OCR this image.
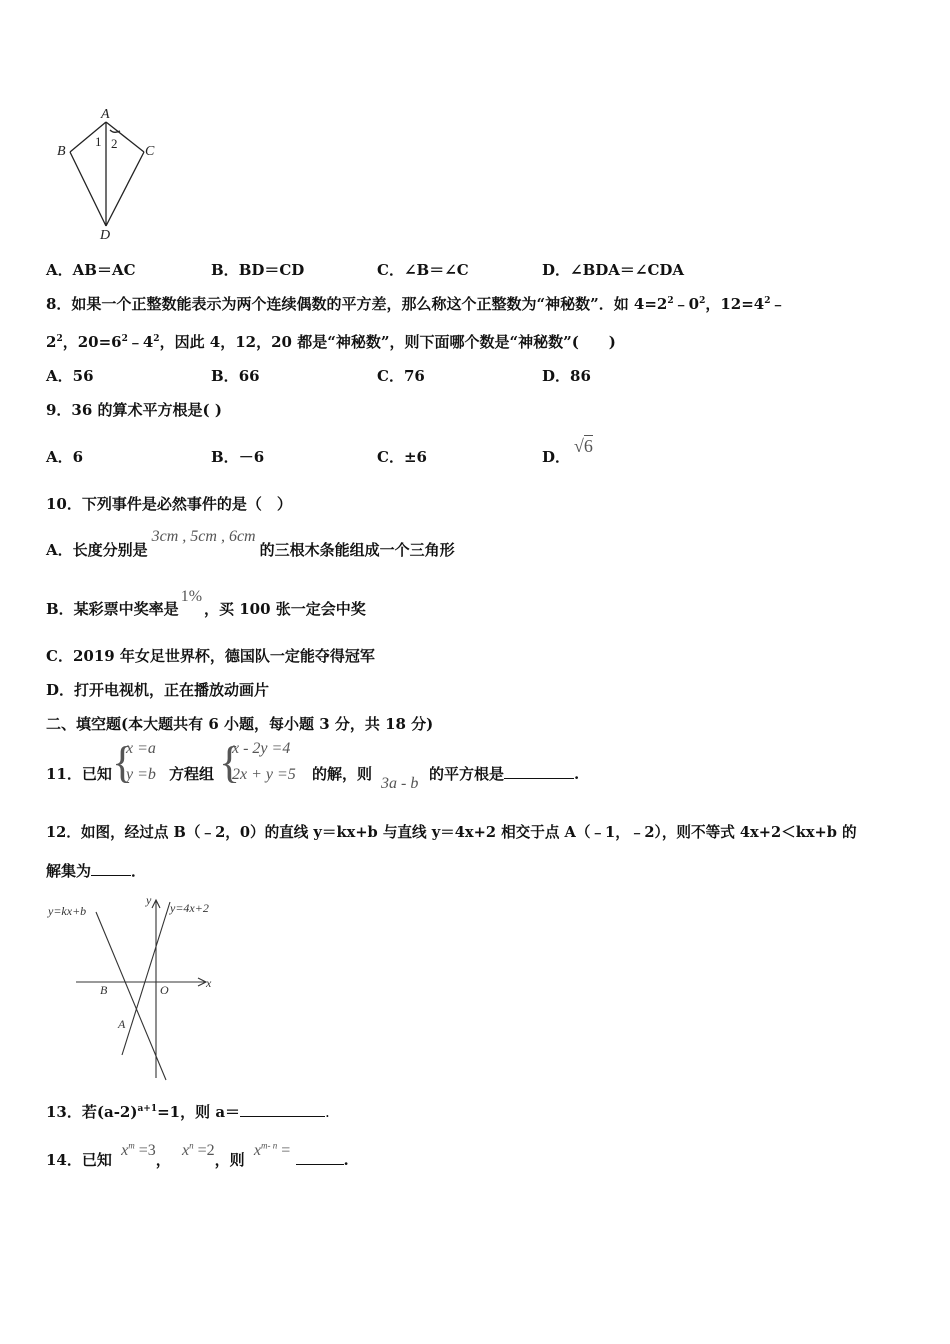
A
B	C
D
1 2
A．AB＝AC	B．BD＝CD	C．∠B＝∠C	D．∠BDA＝∠CDA
8．如果一个正整数能表示为两个连续偶数的平方差，那么称这个正整数为“神秘数”．如 $4=2^2﹣0^2$，$12=4^2﹣$
$2^2$，$20=6^2﹣4^2$，因此 4，12，20 都是“神秘数”，则下面哪个数是“神秘数”(　　)
A．56	B．66	C．76	D．86
9．36 的算术平方根是( )
A．6	B．－6	C．±6	D．
√6
10．下列事件是必然事件的是（　）
A．长度分别是3cm , 5cm , 6cm的三根木条能组成一个三角形
B．某彩票中奖率是1%，买 100 张一定会中奖
C．2019 年女足世界杯，德国队一定能夺得冠军
D．打开电视机，正在播放动画片
二、填空题(本大题共有 6 小题，每小题 3 分，共 18 分)
11．已知 {
x =a
y =b 方程组 {
x - 2y =4
2x + y =5 的解，则
3a - b
的平方根是	.
12．如图，经过点 B（﹣2，0）的直线 y＝kx+b 与直线 y＝4x+2 相交于点 A（﹣1，﹣2），则不等式 4x+2＜kx+b 的
解集为	．
y=kx+b	y=4x+2
y
x
O
B
A
13．若$(a-2)^{a+1}=1$，则 a＝	.
14．已知 $x^m =3$， $x^n =2$，则 $x^{m- n}$ = .
